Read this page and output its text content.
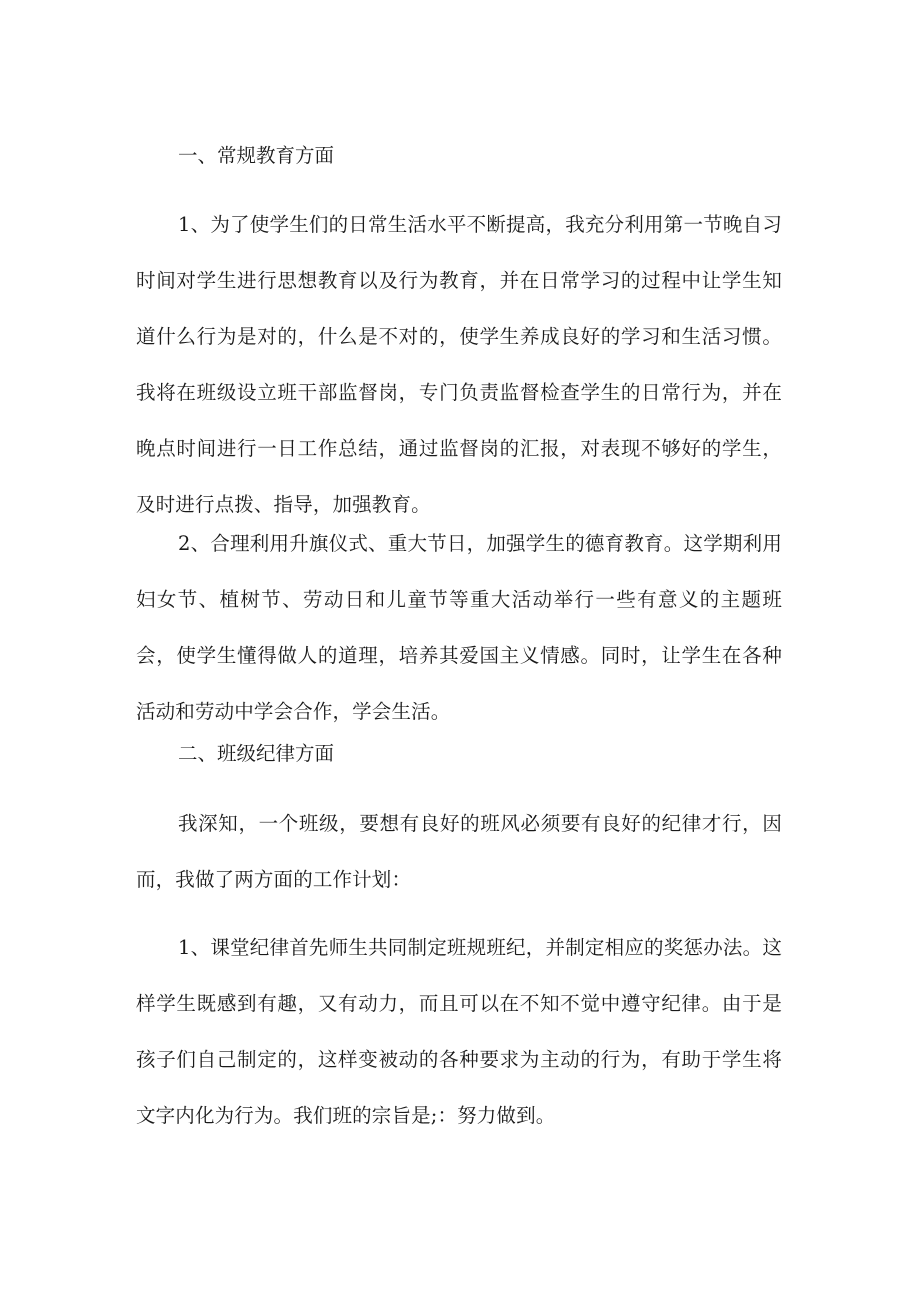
一、常规教育方面

1、为了使学生们的日常生活水平不断提高，我充分利用第一节晚自习时间对学生进行思想教育以及行为教育，并在日常学习的过程中让学生知道什么行为是对的，什么是不对的，使学生养成良好的学习和生活习惯。我将在班级设立班干部监督岗，专门负责监督检查学生的日常行为，并在晚点时间进行一日工作总结，通过监督岗的汇报，对表现不够好的学生，及时进行点拨、指导，加强教育。

2、合理利用升旗仪式、重大节日，加强学生的德育教育。这学期利用妇女节、植树节、劳动日和儿童节等重大活动举行一些有意义的主题班会，使学生懂得做人的道理，培养其爱国主义情感。同时，让学生在各种活动和劳动中学会合作，学会生活。

二、班级纪律方面

我深知，一个班级，要想有良好的班风必须要有良好的纪律才行，因而，我做了两方面的工作计划：

1、课堂纪律首先师生共同制定班规班纪，并制定相应的奖惩办法。这样学生既感到有趣，又有动力，而且可以在不知不觉中遵守纪律。由于是孩子们自己制定的，这样变被动的各种要求为主动的行为，有助于学生将文字内化为行为。我们班的宗旨是;：努力做到。
